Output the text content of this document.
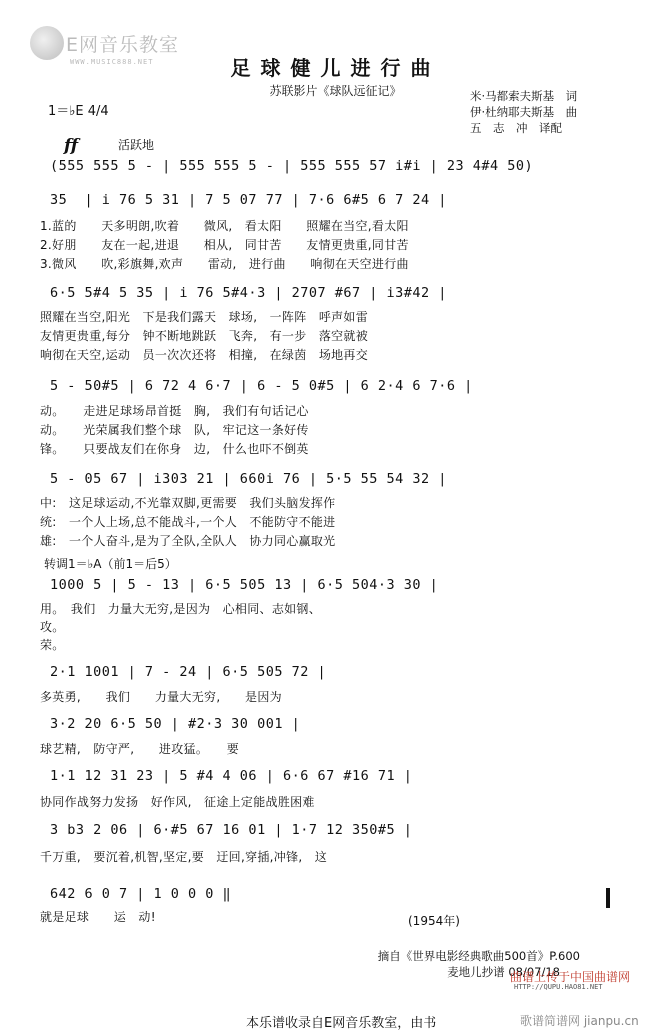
E网音乐教室
WWW.MUSIC888.NET	足球健儿进行曲
苏联影片《球队远征记》	米·马都索夫斯基　词
伊·杜纳耶夫斯基　曲
五　志　冲　译配
1＝♭E 4/4
ff	活跃地
(555 555 5 - | 555 555 5 - | 555 555 57 i#i | 23 4#4 50)
35  | i 76 5 31 | 7 5 07 77 | 7·6 6#5 6 7 24 |
1.蓝的　　天多明朗,吹着　　微风,　看太阳　　照耀在当空,看太阳
2.好朋　　友在一起,进退　　相从,　同甘苦　　友情更贵重,同甘苦
3.微风　　吹,彩旗舞,欢声　　雷动,　进行曲　　响彻在天空进行曲
6·5 5#4 5 35 | i 76 5#4·3 | 2707 #67 | i3#42 |
照耀在当空,阳光　下是我们露天　球场,　一阵阵　呼声如雷
友情更贵重,每分　钟不断地跳跃　飞奔,　有一步　落空就被
响彻在天空,运动　员一次次还将　相撞,　在绿茵　场地再交
5 - 50#5 | 6 72 4 6·7 | 6 - 5 0#5 | 6 2·4 6 7·6 |
动。　　走进足球场昂首挺　胸,　我们有句话记心
动。　　光荣属我们整个球　队,　牢记这一条好传
锋。　　只要战友们在你身　边,　什么也吓不倒英
5 - 05 67 | i303 21 | 660i 76 | 5·5 55 54 32 |
中:　这足球运动,不光靠双脚,更需要　我们头脑发挥作
统:　一个人上场,总不能战斗,一个人　不能防守不能进
雄:　一个人奋斗,是为了全队,全队人　协力同心赢取光
转调1＝♭A（前1＝后5）
1000 5 | 5 - 13 | 6·5 505 13 | 6·5 504·3 30 |
用。　我们　力量大无穷,是因为　心相同、志如钢、
攻。
荣。
2·1 1001 | 7 - 24 | 6·5 505 72 |
多英勇,　　我们　　力量大无穷,　　是因为
3·2 20 6·5 50 | #2·3 30 001 |
球艺精,　防守严,　　进攻猛。　　要
1·1 12 31 23 | 5 #4 4 06 | 6·6 67 #16 71 |
协同作战努力发扬　好作风,　征途上定能战胜困难
3 b3 2 06 | 6·#5 67 16 01 | 1·7 12 350#5 |
千万重,　要沉着,机智,坚定,要　迂回,穿插,冲锋,　这
642 6 0 7 | 1 0 0 0 ‖
就是足球　　运　动!	(1954年)
摘自《世界电影经典歌曲500首》P.600
麦地儿抄谱 08/07/18
曲谱上传于中国曲谱网
HTTP://QUPU.HAO81.NET
本乐谱收录自E网音乐教室，由书	歌谱简谱网 jianpu.cn
